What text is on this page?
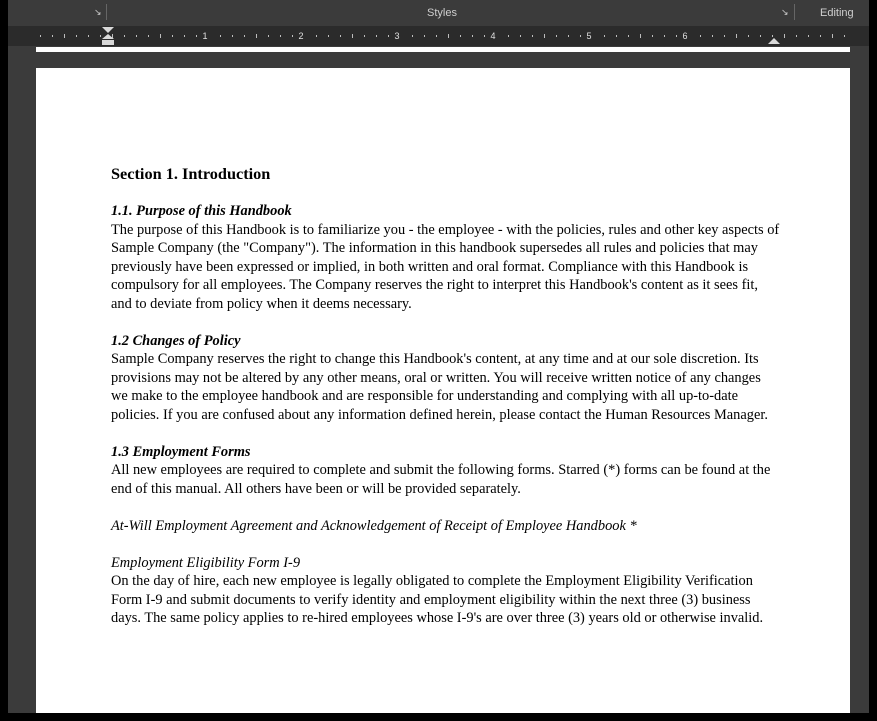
↘	Styles	↘	Editing
1	2	3	4	5	6
Section 1. Introduction

1.1. Purpose of this Handbook

The purpose of this Handbook is to familiarize you - the employee - with the policies, rules and other key aspects of Sample Company (the "Company"). The information in this handbook supersedes all rules and policies that may previously have been expressed or implied, in both written and oral format. Compliance with this Handbook is compulsory for all employees. The Company reserves the right to interpret this Handbook's content as it sees fit, and to deviate from policy when it deems necessary.

1.2 Changes of Policy

Sample Company reserves the right to change this Handbook's content, at any time and at our sole discretion. Its provisions may not be altered by any other means, oral or written. You will receive written notice of any changes we make to the employee handbook and are responsible for understanding and complying with all up-to-date policies. If you are confused about any information defined herein, please contact the Human Resources Manager.

1.3 Employment Forms

All new employees are required to complete and submit the following forms. Starred (*) forms can be found at the end of this manual. All others have been or will be provided separately.

At-Will Employment Agreement and Acknowledgement of Receipt of Employee Handbook *

Employment Eligibility Form I-9

On the day of hire, each new employee is legally obligated to complete the Employment Eligibility Verification Form I-9 and submit documents to verify identity and employment eligibility within the next three (3) business days. The same policy applies to re-hired employees whose I-9's are over three (3) years old or otherwise invalid.
